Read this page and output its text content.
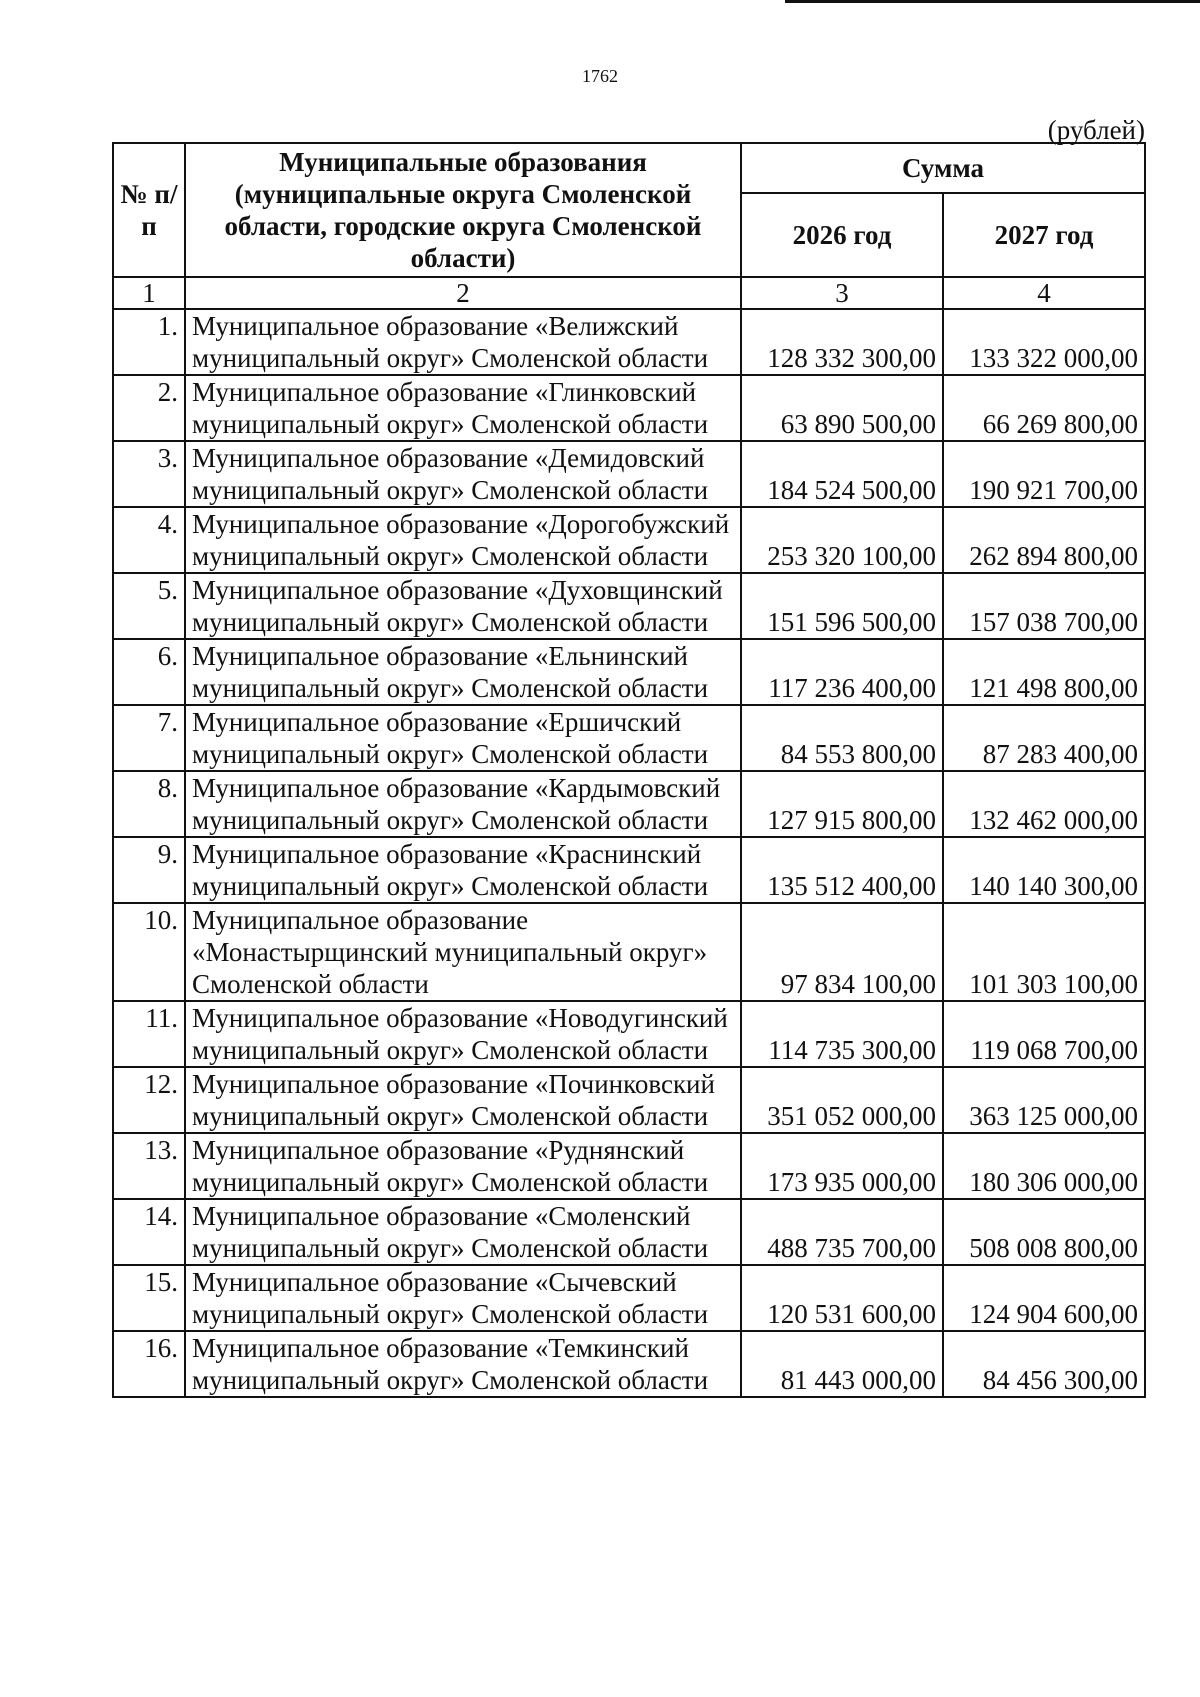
1762
(рублей)
№ п/п	Муниципальные образования (муниципальные округа Смоленской области, городские округа Смоленской области)	Сумма	
		2026 год	2027 год
1	2	3	4
1.	Муниципальное образование «Велижский муниципальный округ» Смоленской области	128 332 300,00	133 322 000,00
2.	Муниципальное образование «Глинковский муниципальный округ» Смоленской области	63 890 500,00	66 269 800,00
3.	Муниципальное образование «Демидовский муниципальный округ» Смоленской области	184 524 500,00	190 921 700,00
4.	Муниципальное образование «Дорогобужский муниципальный округ» Смоленской области	253 320 100,00	262 894 800,00
5.	Муниципальное образование «Духовщинский муниципальный округ» Смоленской области	151 596 500,00	157 038 700,00
6.	Муниципальное образование «Ельнинский муниципальный округ» Смоленской области	117 236 400,00	121 498 800,00
7.	Муниципальное образование «Ершичский муниципальный округ» Смоленской области	84 553 800,00	87 283 400,00
8.	Муниципальное образование «Кардымовский муниципальный округ» Смоленской области	127 915 800,00	132 462 000,00
9.	Муниципальное образование «Краснинский муниципальный округ» Смоленской области	135 512 400,00	140 140 300,00
10.	Муниципальное образование «Монастырщинский муниципальный округ» Смоленской области	97 834 100,00	101 303 100,00
11.	Муниципальное образование «Новодугинский муниципальный округ» Смоленской области	114 735 300,00	119 068 700,00
12.	Муниципальное образование «Починковский муниципальный округ» Смоленской области	351 052 000,00	363 125 000,00
13.	Муниципальное образование «Руднянский муниципальный округ» Смоленской области	173 935 000,00	180 306 000,00
14.	Муниципальное образование «Смоленский муниципальный округ» Смоленской области	488 735 700,00	508 008 800,00
15.	Муниципальное образование «Сычевский муниципальный округ» Смоленской области	120 531 600,00	124 904 600,00
16.	Муниципальное образование «Темкинский муниципальный округ» Смоленской области	81 443 000,00	84 456 300,00
